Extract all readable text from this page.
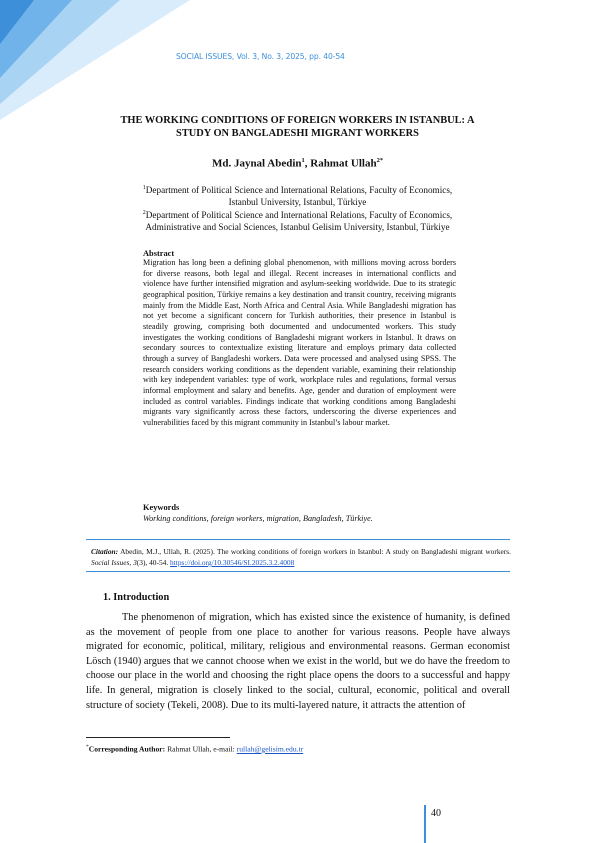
SOCIAL ISSUES, Vol. 3, No. 3, 2025, pp. 40-54
THE WORKING CONDITIONS OF FOREIGN WORKERS IN ISTANBUL: A
STUDY ON BANGLADESHI MIGRANT WORKERS
Md. Jaynal Abedin$^1$, Rahmat Ullah$^{2*}$
$^1$Department of Political Science and International Relations, Faculty of Economics,
Istanbul University, Istanbul, Türkiye
$^2$Department of Political Science and International Relations, Faculty of Economics,
Administrative and Social Sciences, Istanbul Gelisim University, Istanbul, Türkiye
Abstract
Migration has long been a defining global phenomenon, with millions moving across borders for diverse reasons, both legal and illegal. Recent increases in international conflicts and violence have further intensified migration and asylum-seeking worldwide. Due to its strategic geographical position, Türkiye remains a key destination and transit country, receiving migrants mainly from the Middle East, North Africa and Central Asia. While Bangladeshi migration has not yet become a significant concern for Turkish authorities, their presence in Istanbul is steadily growing, comprising both documented and undocumented workers. This study investigates the working conditions of Bangladeshi migrant workers in Istanbul. It draws on secondary sources to contextualize existing literature and employs primary data collected through a survey of Bangladeshi workers. Data were processed and analysed using SPSS. The research considers working conditions as the dependent variable, examining their relationship with key independent variables: type of work, workplace rules and regulations, formal versus informal employment and salary and benefits. Age, gender and duration of employment were included as control variables. Findings indicate that working conditions among Bangladeshi migrants vary significantly across these factors, underscoring the diverse experiences and vulnerabilities faced by this migrant community in Istanbul’s labour market.
Keywords
Working conditions, foreign workers, migration, Bangladesh, Türkiye.
Citation: Abedin, M.J., Ullah, R. (2025). The working conditions of foreign workers in Istanbul: A study on Bangladeshi migrant workers. Social Issues, 3(3), 40-54. https://doi.org/10.30546/SI.2025.3.2.4008
1. Introduction
The phenomenon of migration, which has existed since the existence of humanity, is defined as the movement of people from one place to another for various reasons. People have always migrated for economic, political, military, religious and environmental reasons. German economist Lösch (1940) argues that we cannot choose when we exist in the world, but we do have the freedom to choose our place in the world and choosing the right place opens the doors to a successful and happy life. In general, migration is closely linked to the social, cultural, economic, political and overall structure of society (Tekeli, 2008). Due to its multi-layered nature, it attracts the attention of
*Corresponding Author: Rahmat Ullah, e-mail: rullah@gelisim.edu.tr
40
